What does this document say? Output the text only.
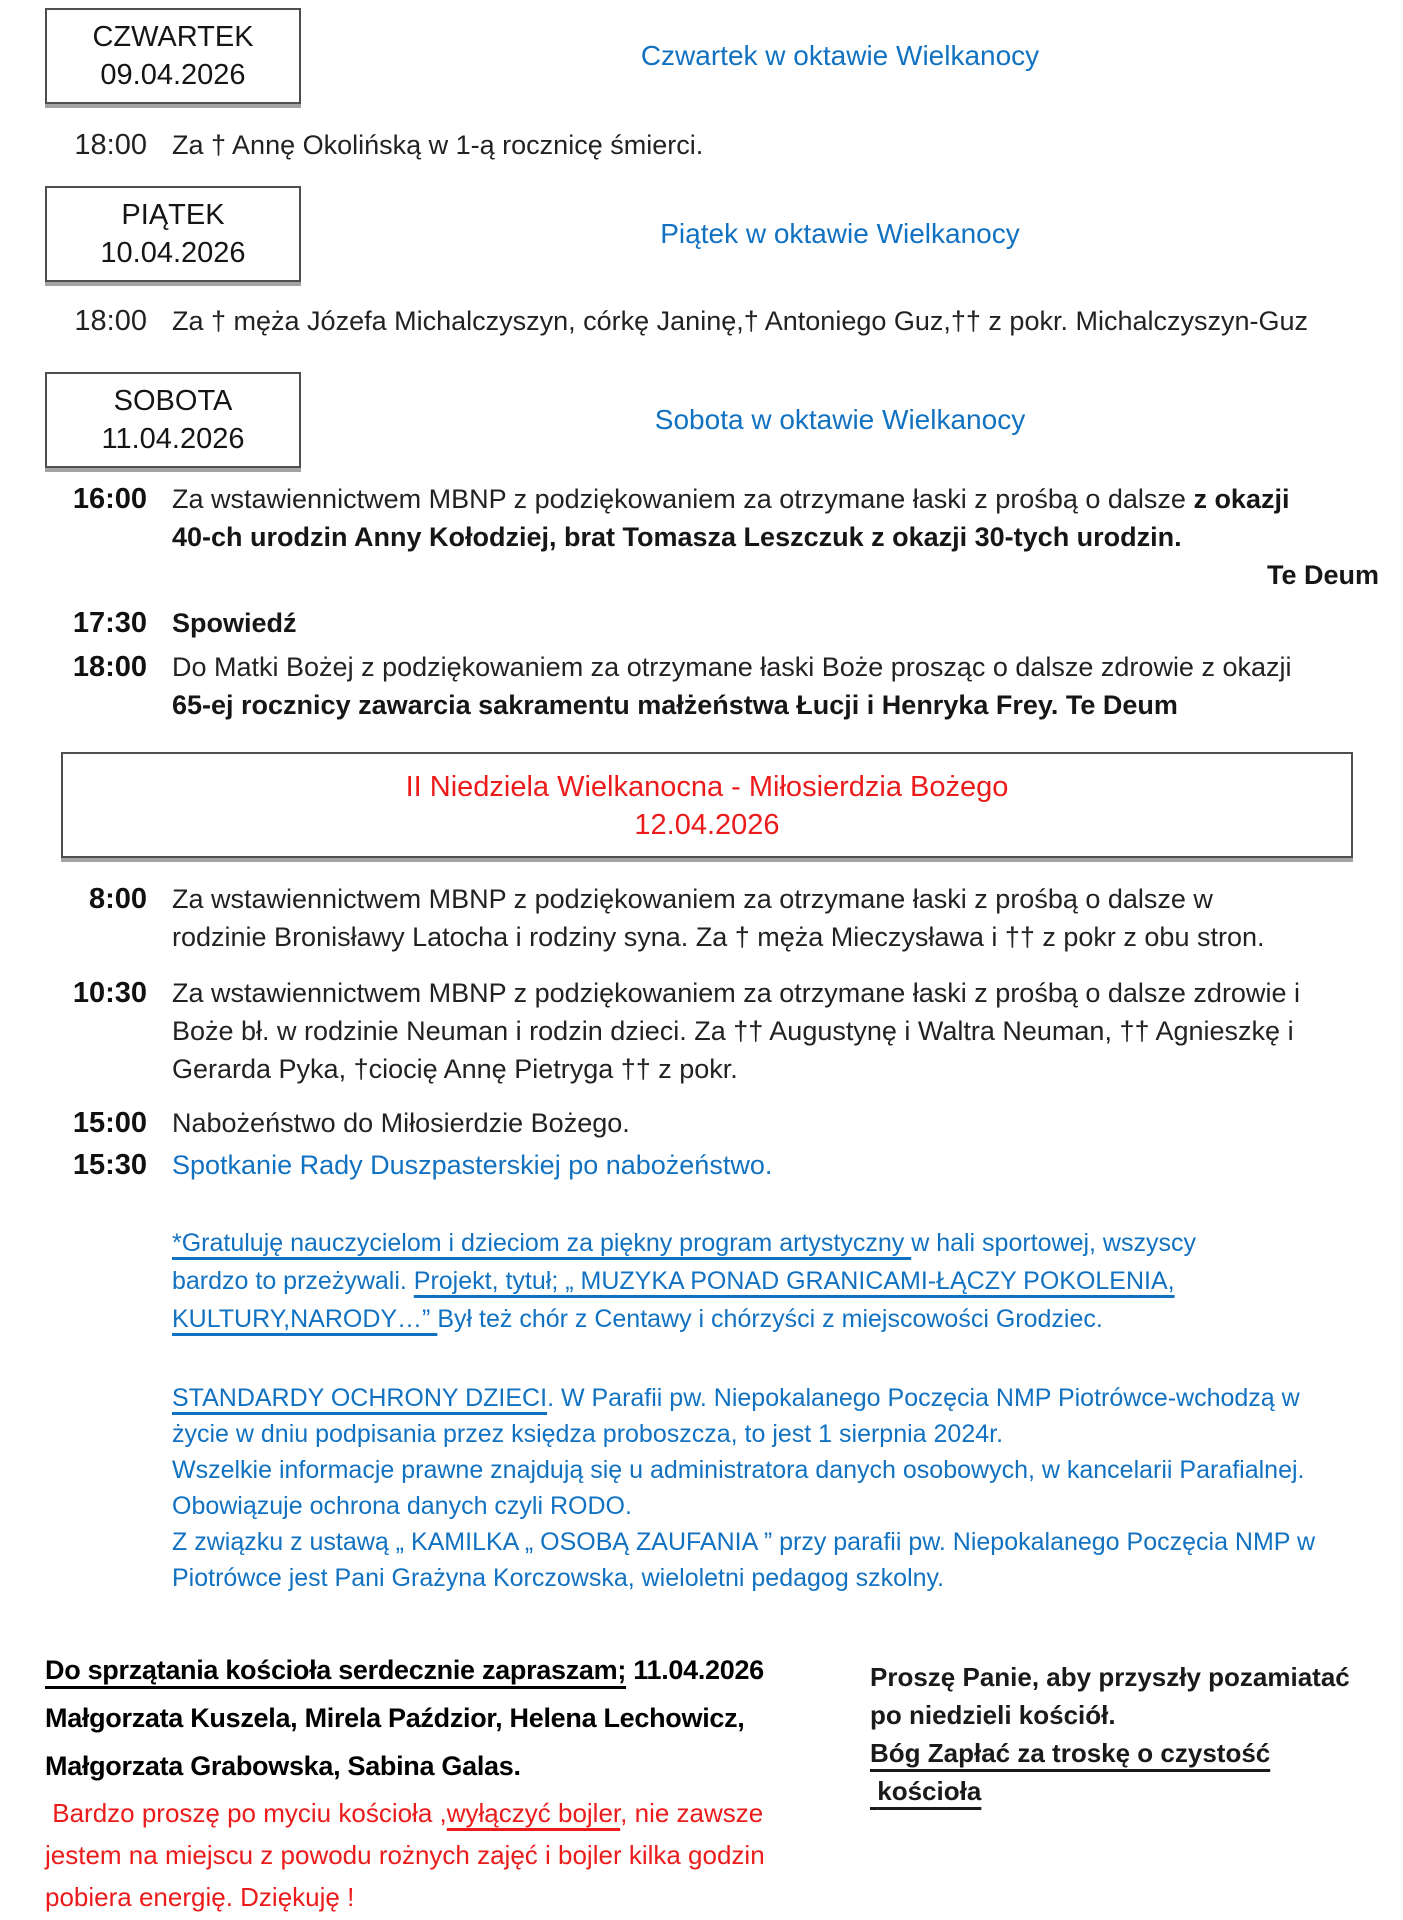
CZWARTEK
09.04.2026
Czwartek w oktawie Wielkanocy
18:00 Za † Annę Okolińską w 1-ą rocznicę śmierci.
PIĄTEK
10.04.2026
Piątek w oktawie Wielkanocy
18:00 Za † męża Józefa Michalczyszyn, córkę Janinę,† Antoniego Guz,†† z pokr. Michalczyszyn-Guz
SOBOTA
11.04.2026
Sobota w oktawie Wielkanocy
16:00 Za wstawiennictwem MBNP z podziękowaniem za otrzymane łaski z prośbą o dalsze z okazji
40-ch urodzin Anny Kołodziej, brat Tomasza Leszczuk z okazji 30-tych urodzin.
Te Deum
17:30 Spowiedź
18:00 Do Matki Bożej z podziękowaniem za otrzymane łaski Boże prosząc o dalsze zdrowie z okazji
65-ej rocznicy zawarcia sakramentu małżeństwa Łucji i Henryka Frey. Te Deum
II Niedziela Wielkanocna - Miłosierdzia Bożego
12.04.2026
8:00 Za wstawiennictwem MBNP z podziękowaniem za otrzymane łaski z prośbą o dalsze w
rodzinie Bronisławy Latocha i rodziny syna. Za † męża Mieczysława i †† z pokr z obu stron.
10:30 Za wstawiennictwem MBNP z podziękowaniem za otrzymane łaski z prośbą o dalsze zdrowie i
Boże bł. w rodzinie Neuman i rodzin dzieci. Za †† Augustynę i Waltra Neuman, †† Agnieszkę i
Gerarda Pyka, †ciocię Annę Pietryga †† z pokr.
15:00 Nabożeństwo do Miłosierdzie Bożego.
15:30 Spotkanie Rady Duszpasterskiej po nabożeństwo.
*Gratuluję nauczycielom i dzieciom za piękny program artystyczny w hali sportowej, wszyscy
bardzo to przeżywali. Projekt, tytuł; „ MUZYKA PONAD GRANICAMI-ŁĄCZY POKOLENIA,
KULTURY,NARODY…” Był też chór z Centawy i chórzyści z miejscowości Grodziec.
STANDARDY OCHRONY DZIECI. W Parafii pw. Niepokalanego Poczęcia NMP Piotrówce-wchodzą w
życie w dniu podpisania przez księdza proboszcza, to jest 1 sierpnia 2024r.
Wszelkie informacje prawne znajdują się u administratora danych osobowych, w kancelarii Parafialnej.
Obowiązuje ochrona danych czyli RODO.
Z związku z ustawą „ KAMILKA „ OSOBĄ ZAUFANIA ” przy parafii pw. Niepokalanego Poczęcia NMP w
Piotrówce jest Pani Grażyna Korczowska, wieloletni pedagog szkolny.
Do sprzątania kościoła serdecznie zapraszam; 11.04.2026
Małgorzata Kuszela, Mirela Paździor, Helena Lechowicz,
Małgorzata Grabowska, Sabina Galas.
Bardzo proszę po myciu kościoła ,wyłączyć bojler, nie zawsze
jestem na miejscu z powodu rożnych zajęć i bojler kilka godzin
pobiera energię. Dziękuję !
Proszę Panie, aby przyszły pozamiatać
po niedzieli kościół.
Bóg Zapłać za troskę o czystość
kościoła
